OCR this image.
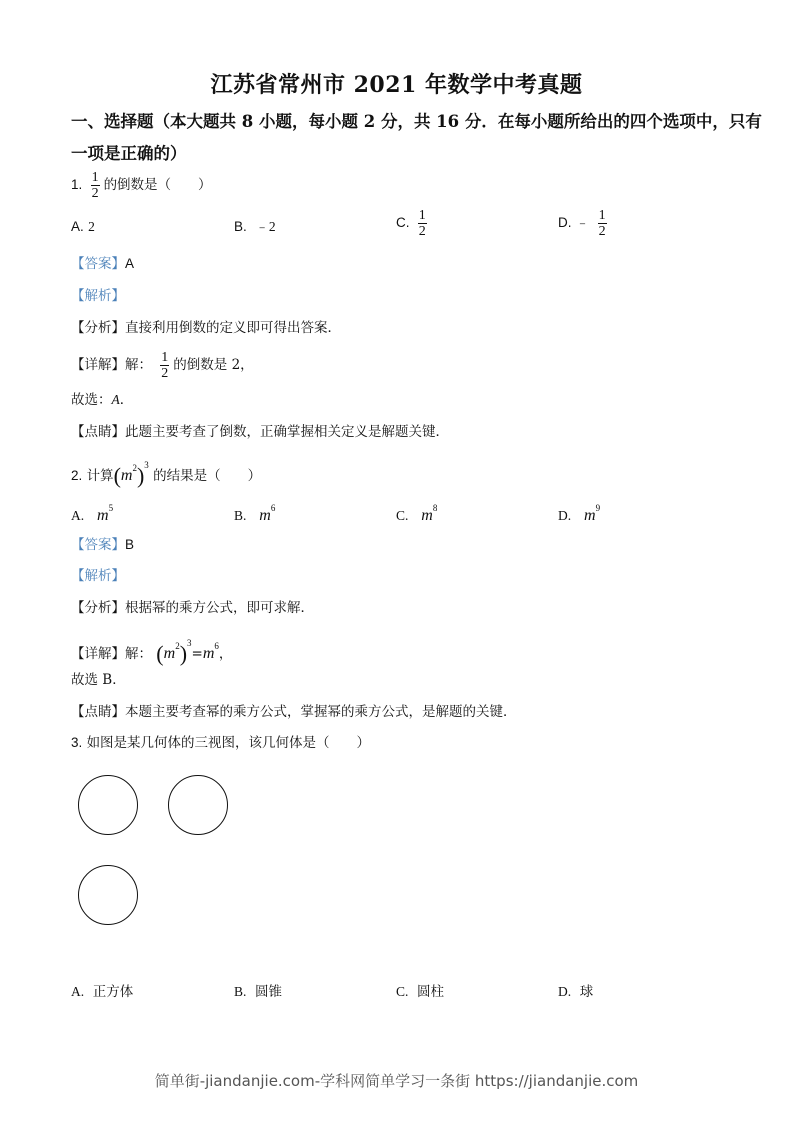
江苏省常州市 2021 年数学中考真题
一、选择题（本大题共 8 小题，每小题 2 分，共 16 分．在每小题所给出的四个选项中，只有
一项是正确的）
1. $\frac{1}{2}$ 的倒数是（　　）
A. 2	B. ﹣2	C. $\frac{1}{2}$	D. ﹣ $\frac{1}{2}$
【答案】A
【解析】
【分析】直接利用倒数的定义即可得出答案．
【详解】解： $\frac{1}{2}$ 的倒数是 2，
故选：A．
【点睛】此题主要考查了倒数，正确掌握相关定义是解题关键．
2. 计算$(m^2)^3$ 的结果是（　　）
A. $m^5$	B. $m^6$	C. $m^8$	D. $m^9$
【答案】B
【解析】
【分析】根据幂的乘方公式，即可求解．
【详解】解： $(m^2)^3=m^6$，
故选 B．
【点睛】本题主要考查幂的乘方公式，掌握幂的乘方公式，是解题的关键．
3. 如图是某几何体的三视图，该几何体是（　　）
A. 正方体	B. 圆锥	C. 圆柱	D. 球
简单街-jiandanjie.com-学科网简单学习一条街 https://jiandanjie.com
